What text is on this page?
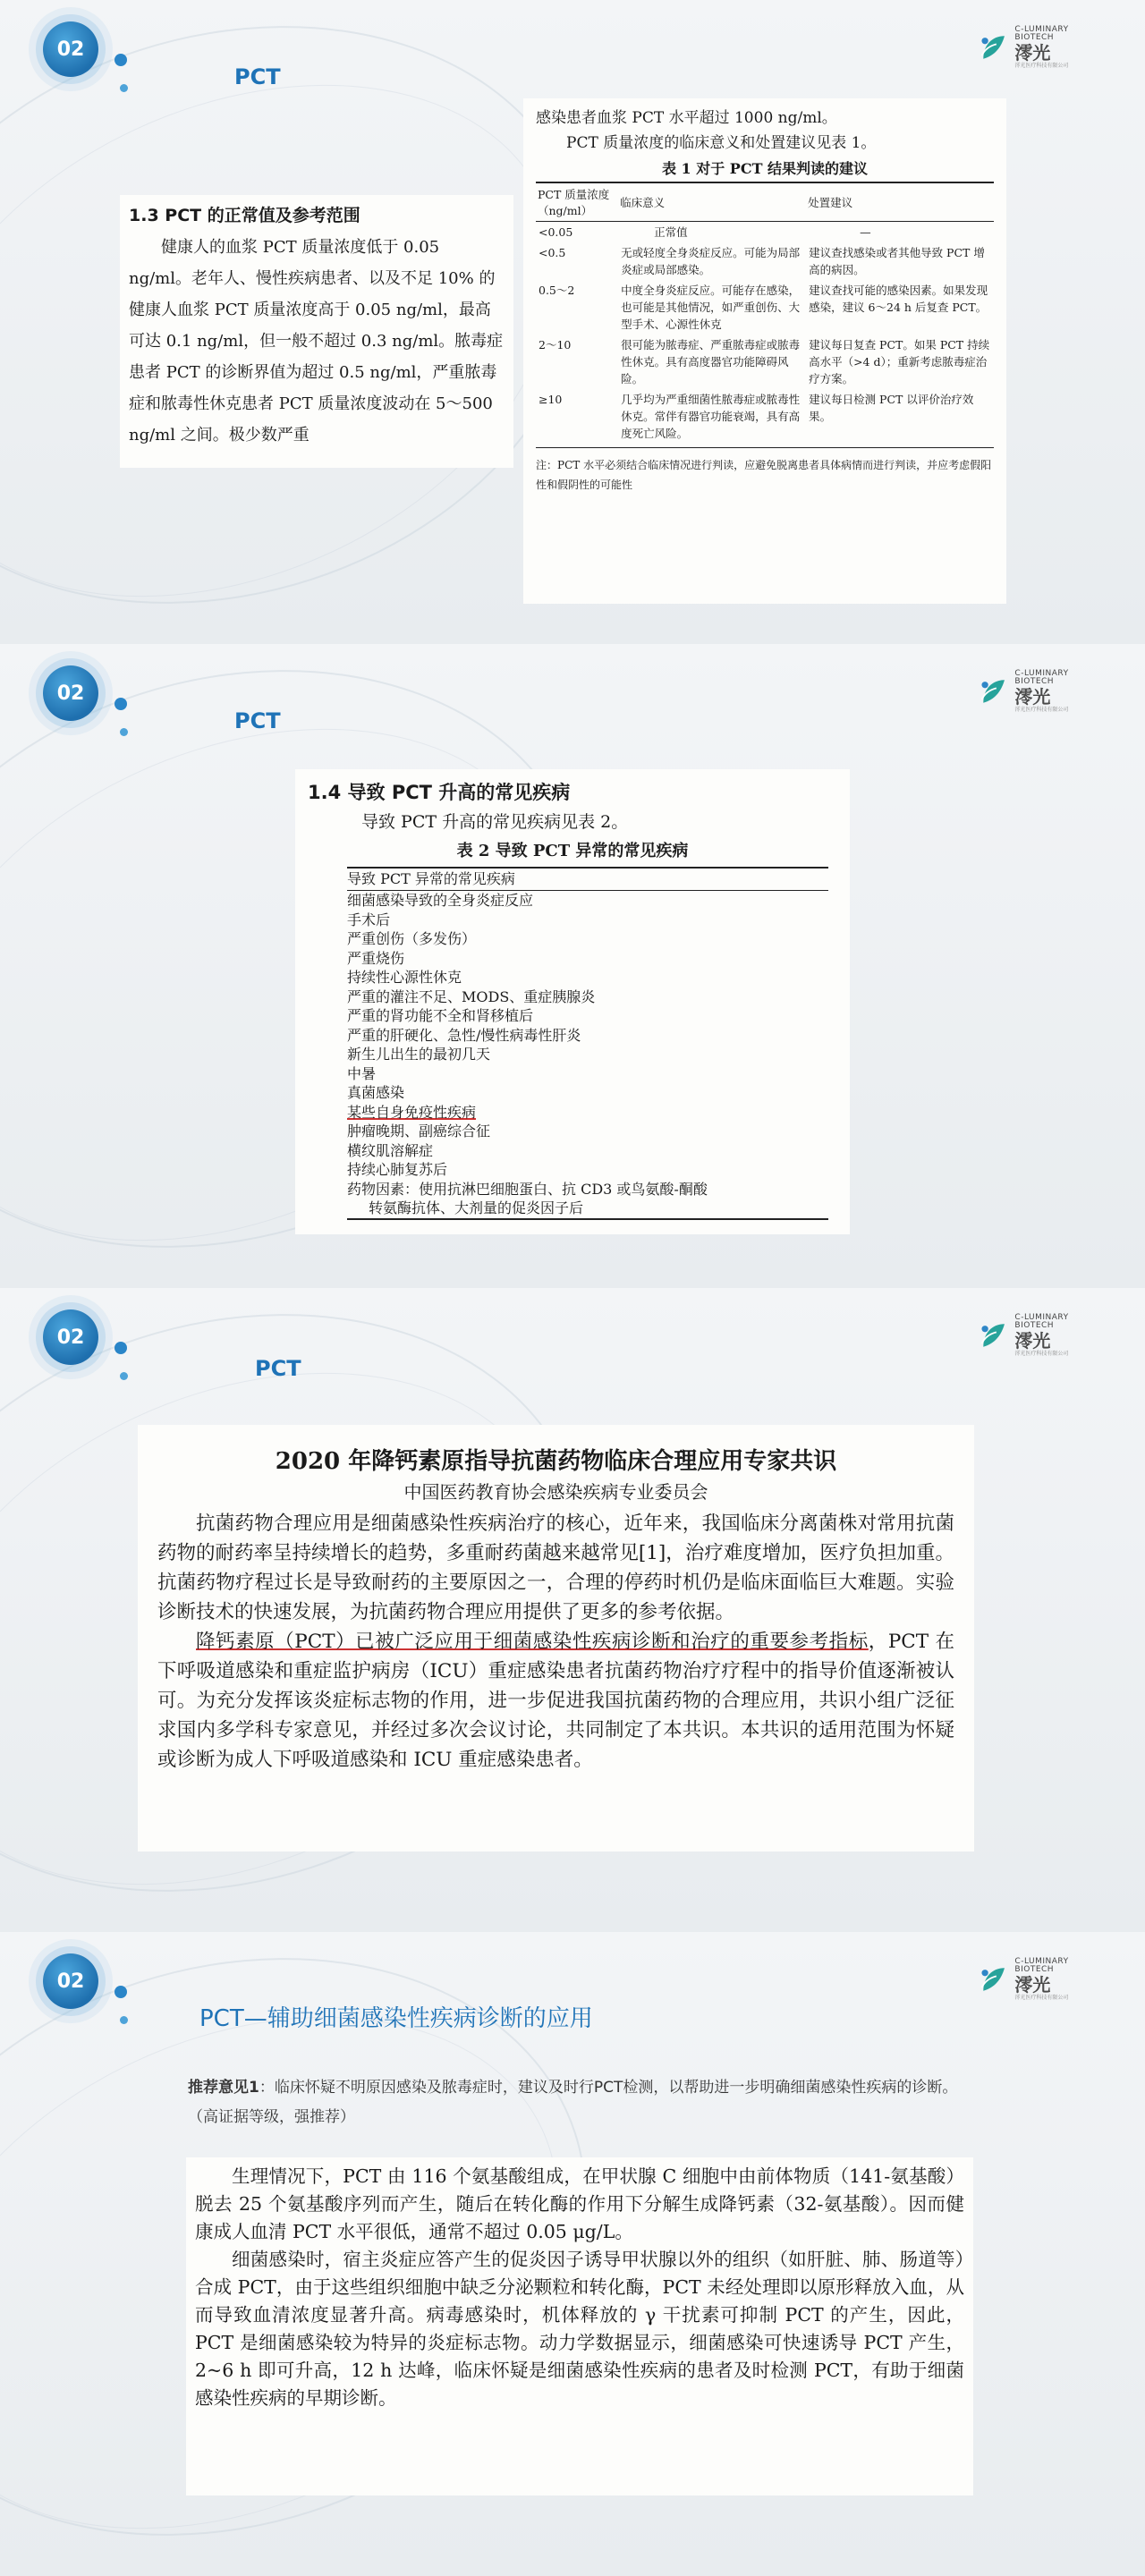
02
PCT
C-LUMINARY BIOTECH
澪光
澪光医疗科技有限公司

1.3 PCT 的正常值及参考范围

健康人的血浆 PCT 质量浓度低于 0.05 ng/ml。老年人、慢性疾病患者、以及不足 10% 的健康人血浆 PCT 质量浓度高于 0.05 ng/ml，最高可达 0.1 ng/ml，但一般不超过 0.3 ng/ml。脓毒症患者 PCT 的诊断界值为超过 0.5 ng/ml，严重脓毒症和脓毒性休克患者 PCT 质量浓度波动在 5～500 ng/ml 之间。极少数严重

感染患者血浆 PCT 水平超过 1000 ng/ml。

PCT 质量浓度的临床意义和处置建议见表 1。

表 1 对于 PCT 结果判读的建议

PCT 质量浓度（ng/ml）	临床意义	处置建议
<0.05	正常值	—
<0.5	无或轻度全身炎症反应。可能为局部炎症或局部感染。	建议查找感染或者其他导致 PCT 增高的病因。
0.5～2	中度全身炎症反应。可能存在感染，也可能是其他情况，如严重创伤、大型手术、心源性休克	建议查找可能的感染因素。如果发现感染，建议 6～24 h 后复查 PCT。
2～10	很可能为脓毒症、严重脓毒症或脓毒性休克。具有高度器官功能障碍风险。	建议每日复查 PCT。如果 PCT 持续高水平（>4 d）；重新考虑脓毒症治疗方案。
≥10	几乎均为严重细菌性脓毒症或脓毒性休克。常伴有器官功能衰竭，具有高度死亡风险。	建议每日检测 PCT 以评价治疗效果。

注：PCT 水平必须结合临床情况进行判读，应避免脱离患者具体病情而进行判读，并应考虑假阳性和假阴性的可能性

02
PCT
C-LUMINARY BIOTECH
澪光
澪光医疗科技有限公司

1.4 导致 PCT 升高的常见疾病

导致 PCT 升高的常见疾病见表 2。

表 2 导致 PCT 异常的常见疾病

导致 PCT 异常的常见疾病
细菌感染导致的全身炎症反应
手术后
严重创伤（多发伤）
严重烧伤
持续性心源性休克
严重的灌注不足、MODS、重症胰腺炎
严重的肾功能不全和肾移植后
严重的肝硬化、急性/慢性病毒性肝炎
新生儿出生的最初几天
中暑
真菌感染
某些自身免疫性疾病
肿瘤晚期、副癌综合征
横纹肌溶解症
持续心肺复苏后
药物因素：使用抗淋巴细胞蛋白、抗 CD3 或鸟氨酸-酮酸
转氨酶抗体、大剂量的促炎因子后
02
PCT
C-LUMINARY BIOTECH
澪光
澪光医疗科技有限公司

2020 年降钙素原指导抗菌药物临床合理应用专家共识

中国医药教育协会感染疾病专业委员会

抗菌药物合理应用是细菌感染性疾病治疗的核心，近年来，我国临床分离菌株对常用抗菌药物的耐药率呈持续增长的趋势，多重耐药菌越来越常见[1]，治疗难度增加，医疗负担加重。抗菌药物疗程过长是导致耐药的主要原因之一，合理的停药时机仍是临床面临巨大难题。实验诊断技术的快速发展，为抗菌药物合理应用提供了更多的参考依据。

降钙素原（PCT）已被广泛应用于细菌感染性疾病诊断和治疗的重要参考指标，PCT 在下呼吸道感染和重症监护病房（ICU）重症感染患者抗菌药物治疗疗程中的指导价值逐渐被认可。为充分发挥该炎症标志物的作用，进一步促进我国抗菌药物的合理应用，共识小组广泛征求国内多学科专家意见，并经过多次会议讨论，共同制定了本共识。本共识的适用范围为怀疑或诊断为成人下呼吸道感染和 ICU 重症感染患者。

02
C-LUMINARY BIOTECH
澪光
澪光医疗科技有限公司
PCT—辅助细菌感染性疾病诊断的应用
推荐意见1：临床怀疑不明原因感染及脓毒症时，建议及时行PCT检测，以帮助进一步明确细菌感染性疾病的诊断。（高证据等级，强推荐）

生理情况下，PCT 由 116 个氨基酸组成，在甲状腺 C 细胞中由前体物质（141-氨基酸）脱去 25 个氨基酸序列而产生，随后在转化酶的作用下分解生成降钙素（32-氨基酸）。因而健康成人血清 PCT 水平很低，通常不超过 0.05 μg/L。

细菌感染时，宿主炎症应答产生的促炎因子诱导甲状腺以外的组织（如肝脏、肺、肠道等）合成 PCT，由于这些组织细胞中缺乏分泌颗粒和转化酶，PCT 未经处理即以原形释放入血，从而导致血清浓度显著升高。病毒感染时，机体释放的 γ 干扰素可抑制 PCT 的产生，因此，PCT 是细菌感染较为特异的炎症标志物。动力学数据显示，细菌感染可快速诱导 PCT 产生，2~6 h 即可升高，12 h 达峰，临床怀疑是细菌感染性疾病的患者及时检测 PCT，有助于细菌感染性疾病的早期诊断。
